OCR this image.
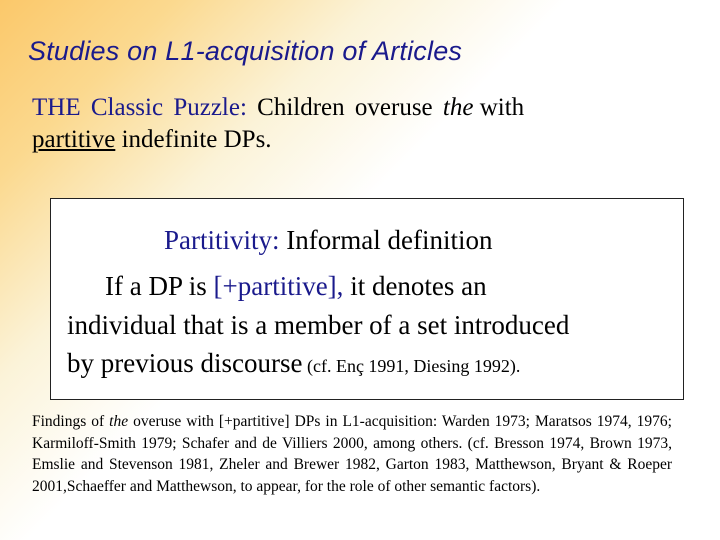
Studies on L1-acquisition of Articles
THE Classic Puzzle: Children overuse the with
partitive indefinite DPs.
Partitivity: Informal definition
If a DP is [+partitive], it denotes an
individual that is a member of a set introduced
by previous discourse (cf. Enç 1991, Diesing 1992).
Findings of the overuse with [+partitive] DPs in L1-acquisition: Warden 1973; Maratsos 1974, 1976; Karmiloff-Smith 1979; Schafer and de Villiers 2000, among others. (cf. Bresson 1974, Brown 1973, Emslie and Stevenson 1981, Zheler and Brewer 1982, Garton 1983, Matthewson, Bryant & Roeper 2001,Schaeffer and Matthewson, to appear, for the role of other semantic factors).
